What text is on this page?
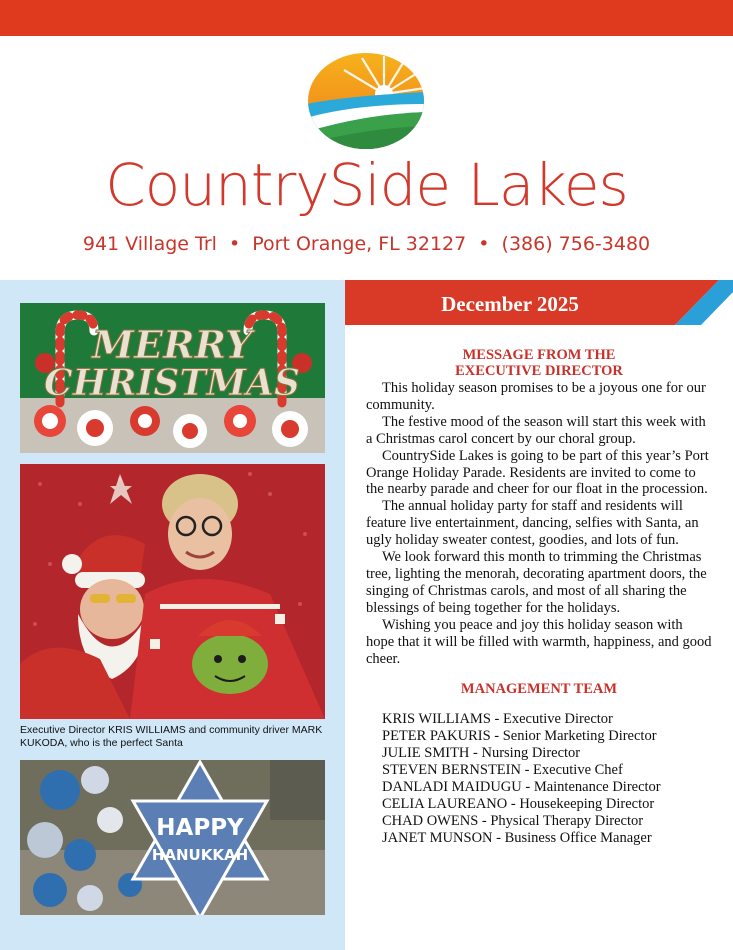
CountrySide Lakes
941 Village Trl • Port Orange, FL 32127 • (386) 756-3480
MERRY
CHRISTMAS
Executive Director KRIS WILLIAMS and community driver MARK KUKODA, who is the perfect Santa
HAPPY
HANUKKAH
December 2025
MESSAGE FROM THE
EXECUTIVE DIRECTOR

This holiday season promises to be a joyous one for our community.

The festive mood of the season will start this week with a Christmas carol concert by our choral group.

CountrySide Lakes is going to be part of this year’s Port Orange Holiday Parade. Residents are invited to come to the nearby parade and cheer for our float in the procession.

The annual holiday party for staff and residents will feature live entertainment, dancing, selfies with Santa, an ugly holiday sweater contest, goodies, and lots of fun.

We look forward this month to trimming the Christmas tree, lighting the menorah, decorating apartment doors, the singing of Christmas carols, and most of all sharing the blessings of being together for the holidays.

Wishing you peace and joy this holiday season with hope that it will be filled with warmth, happiness, and good cheer.

MANAGEMENT TEAM
KRIS WILLIAMS - Executive Director
PETER PAKURIS - Senior Marketing Director
JULIE SMITH - Nursing Director
STEVEN BERNSTEIN - Executive Chef
DANLADI MAIDUGU - Maintenance Director
CELIA LAUREANO - Housekeeping Director
CHAD OWENS - Physical Therapy Director
JANET MUNSON - Business Office Manager
